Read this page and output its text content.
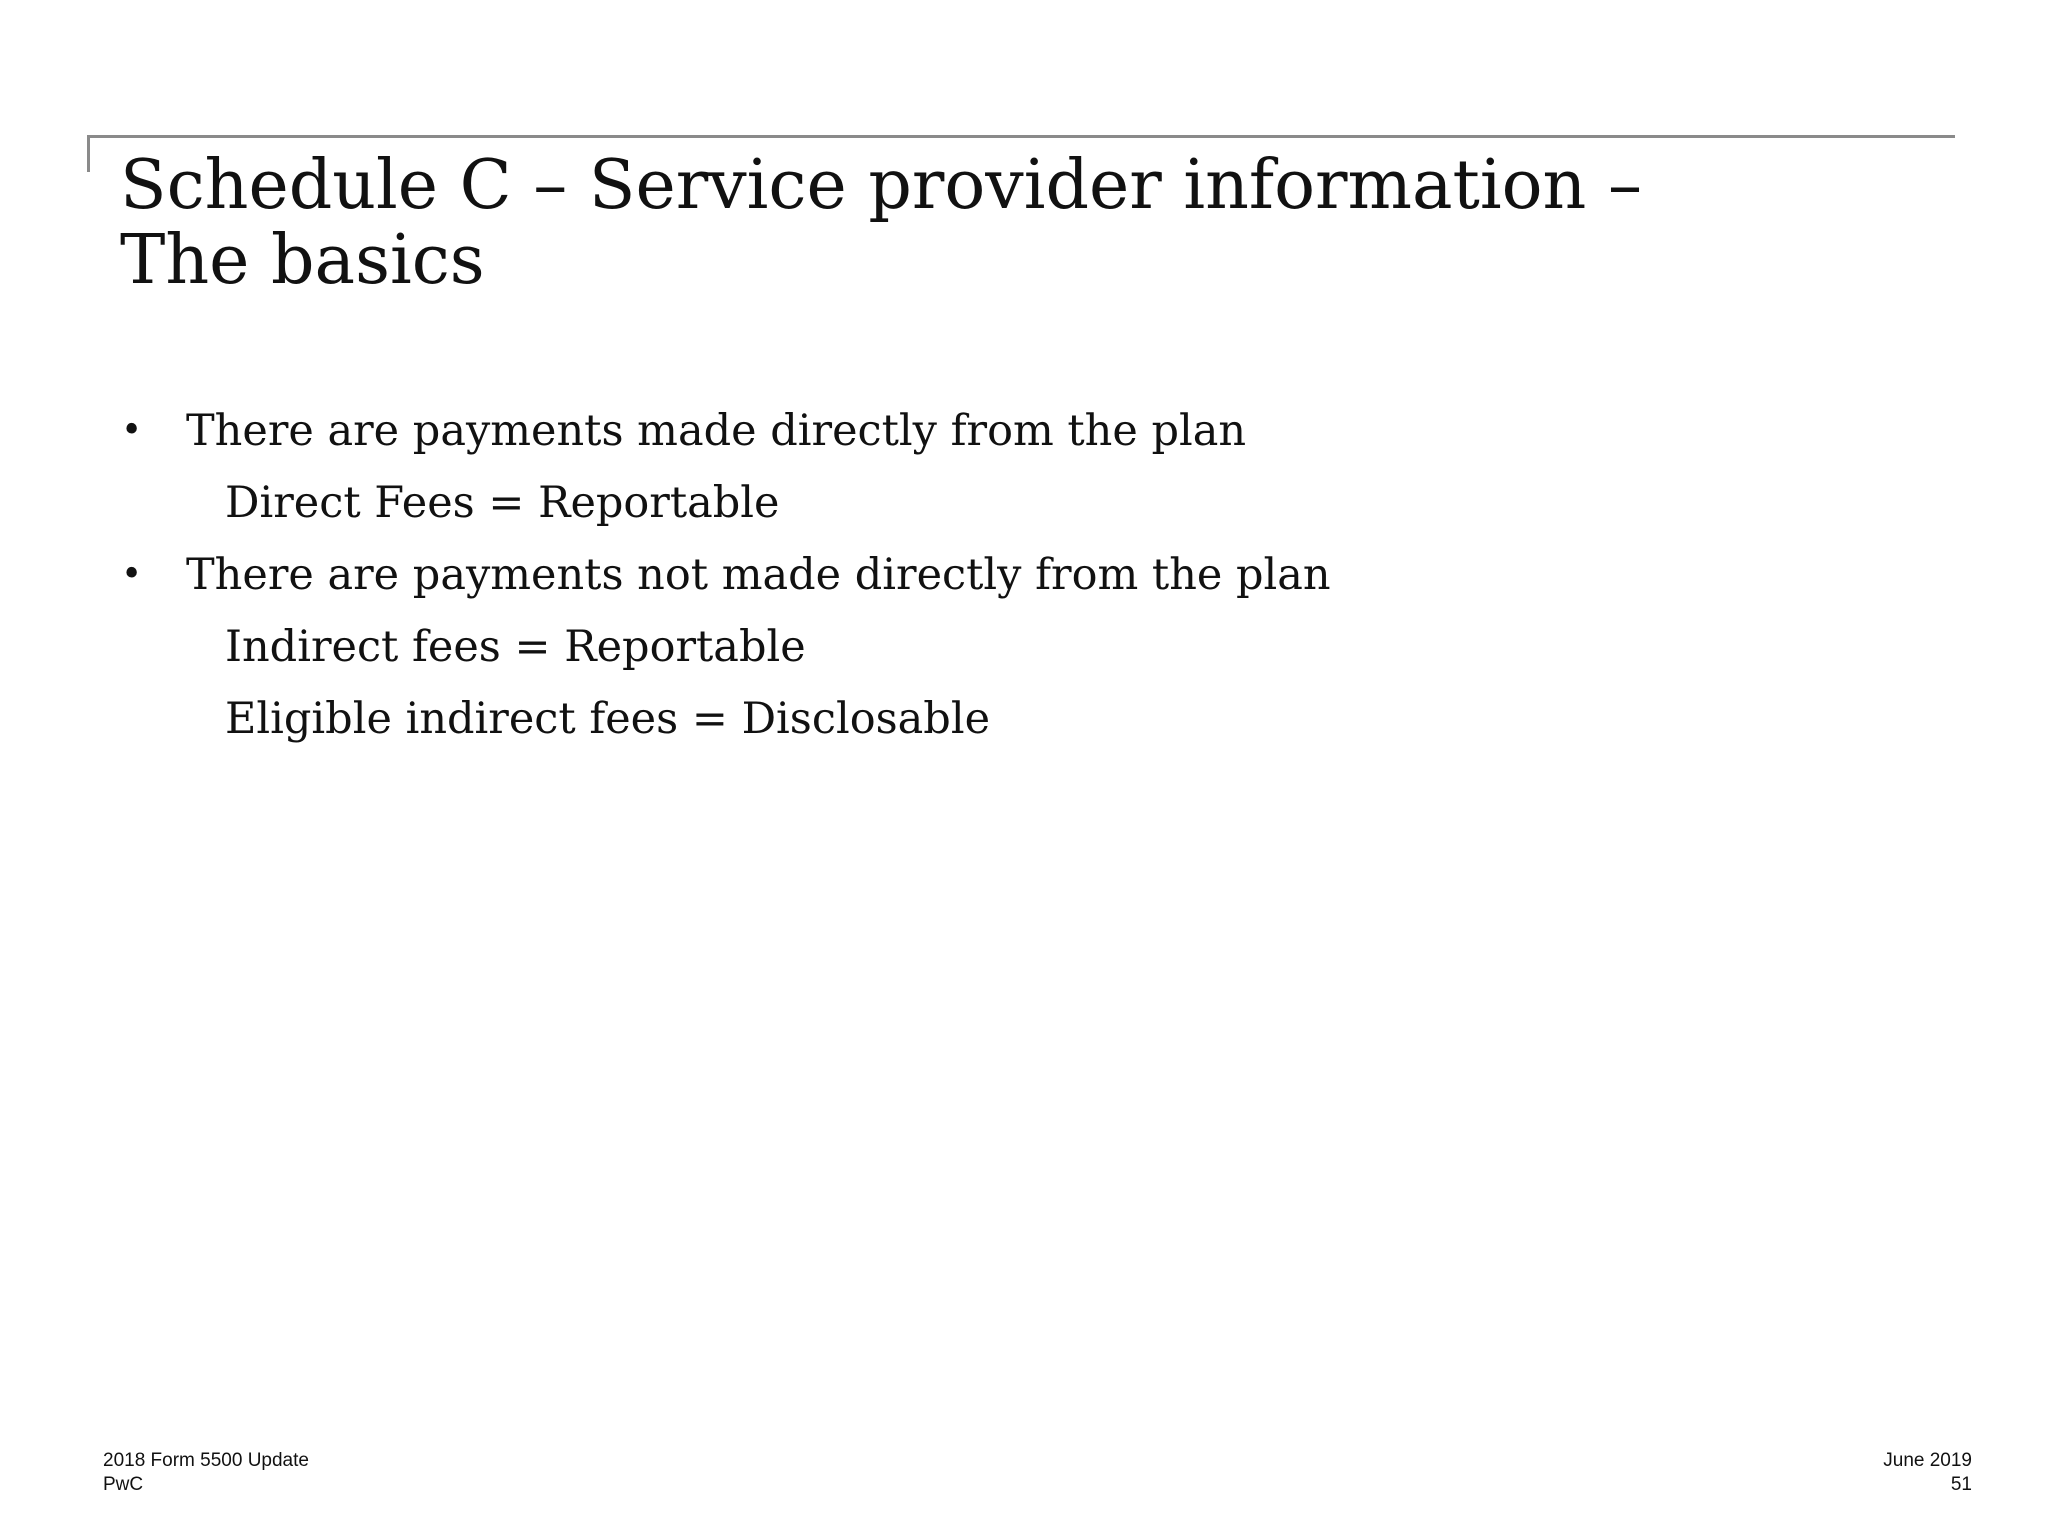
Schedule C – Service provider information –
The basics
• There are payments made directly from the plan
Direct Fees = Reportable
• There are payments not made directly from the plan
Indirect fees = Reportable
Eligible indirect fees = Disclosable
2018 Form 5500 Update
PwC
June 2019
51
